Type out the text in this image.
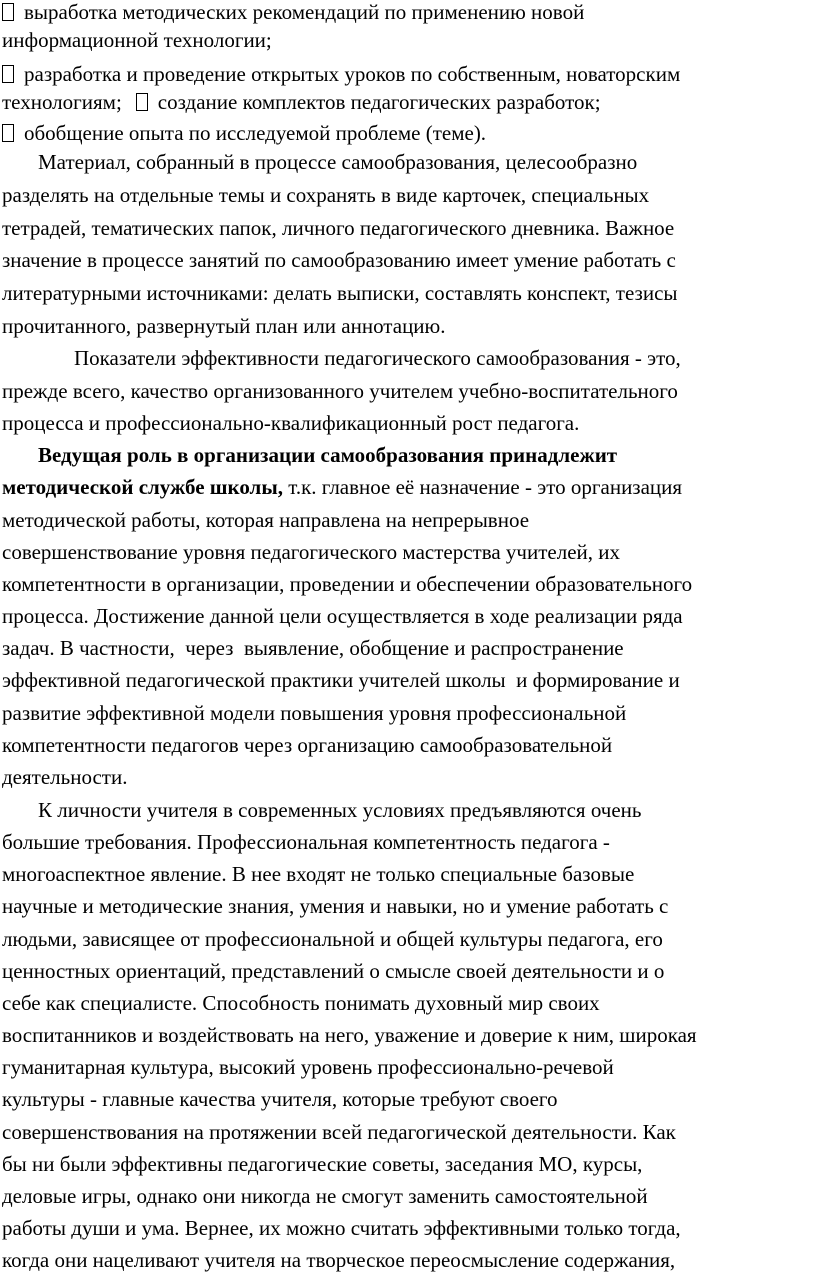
выработка методических рекомендаций по применению новой
информационной технологии;
разработка и проведение открытых уроков по собственным, новаторским
технологиям; создание комплектов педагогических разработок;
обобщение опыта по исследуемой проблеме (теме).
Материал, собранный в процессе самообразования, целесообразно
разделять на отдельные темы и сохранять в виде карточек, специальных
тетрадей, тематических папок, личного педагогического дневника. Важное
значение в процессе занятий по самообразованию имеет умение работать с
литературными источниками: делать выписки, составлять конспект, тезисы
прочитанного, развернутый план или аннотацию.
Показатели эффективности педагогического самообразования - это,
прежде всего, качество организованного учителем учебно-воспитательного
процесса и профессионально-квалификационный рост педагога.
Ведущая роль в организации самообразования принадлежит
методической службе школы, т.к. главное её назначение - это организация
методической работы, которая направлена на непрерывное
совершенствование уровня педагогического мастерства учителей, их
компетентности в организации, проведении и обеспечении образовательного
процесса. Достижение данной цели осуществляется в ходе реализации ряда
задач. В частности,  через  выявление, обобщение и распространение
эффективной педагогической практики учителей школы  и формирование и
развитие эффективной модели повышения уровня профессиональной
компетентности педагогов через организацию самообразовательной
деятельности.
К личности учителя в современных условиях предъявляются очень
большие требования. Профессиональная компетентность педагога -
многоаспектное явление. В нее входят не только специальные базовые
научные и методические знания, умения и навыки, но и умение работать с
людьми, зависящее от профессиональной и общей культуры педагога, его
ценностных ориентаций, представлений о смысле своей деятельности и о
себе как специалисте. Способность понимать духовный мир своих
воспитанников и воздействовать на него, уважение и доверие к ним, широкая
гуманитарная культура, высокий уровень профессионально-речевой
культуры - главные качества учителя, которые требуют своего
совершенствования на протяжении всей педагогической деятельности. Как
бы ни были эффективны педагогические советы, заседания МО, курсы,
деловые игры, однако они никогда не смогут заменить самостоятельной
работы души и ума. Вернее, их можно считать эффективными только тогда,
когда они нацеливают учителя на творческое переосмысление содержания,
